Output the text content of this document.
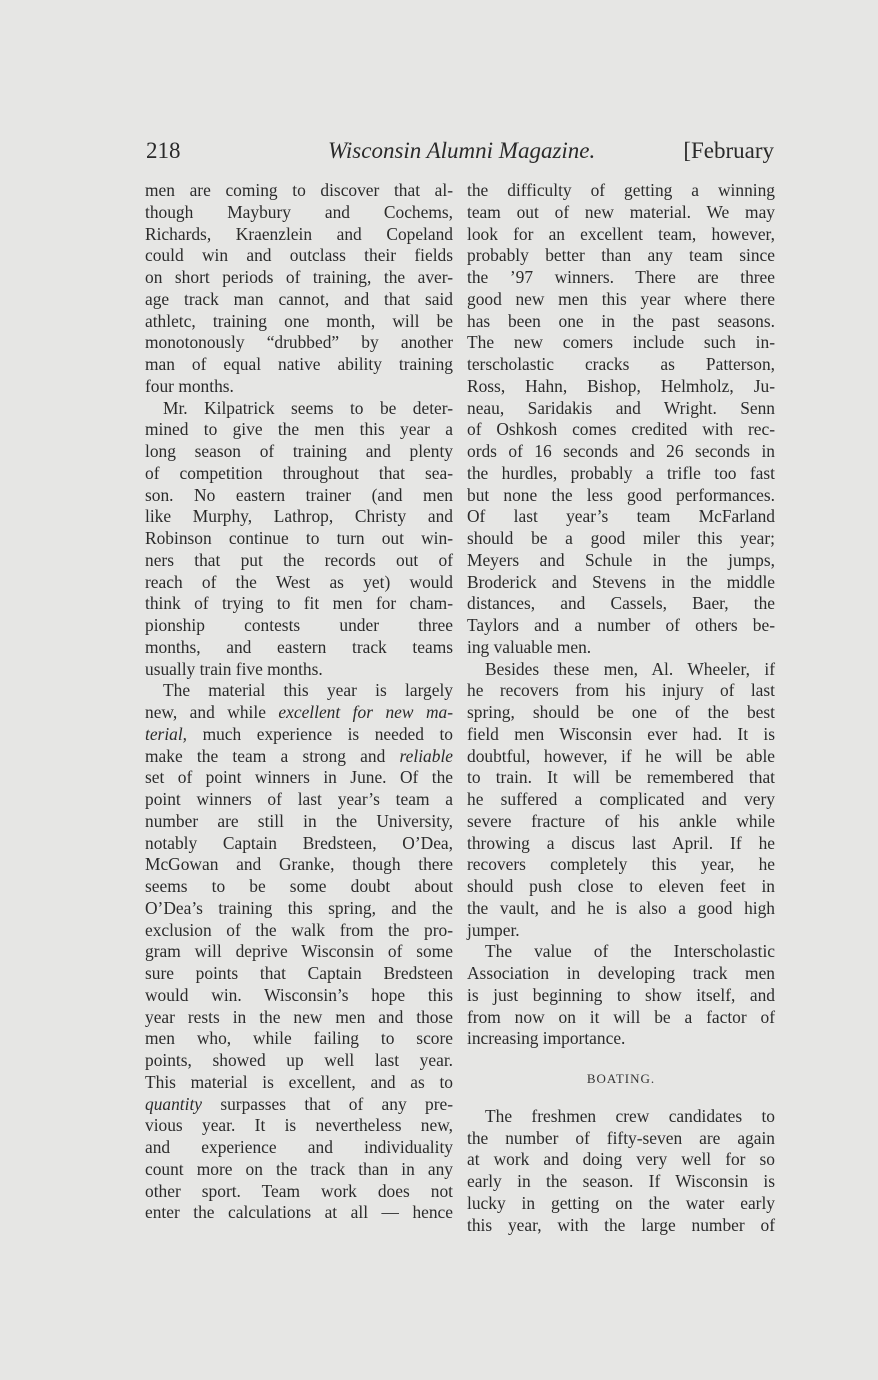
218	Wisconsin Alumni Magazine.	[February

men are coming to discover that al-
though Maybury and Cochems,
Richards, Kraenzlein and Copeland
could win and outclass their fields
on short periods of training, the aver-
age track man cannot, and that said
athletc, training one month, will be
monotonously “drubbed” by another
man of equal native ability training
four months.

Mr. Kilpatrick seems to be deter-
mined to give the men this year a
long season of training and plenty
of competition throughout that sea-
son. No eastern trainer (and men
like Murphy, Lathrop, Christy and
Robinson continue to turn out win-
ners that put the records out of
reach of the West as yet) would
think of trying to fit men for cham-
pionship contests under three
months, and eastern track teams
usually train five months.

The material this year is largely
new, and while excellent for new ma-
terial, much experience is needed to
make the team a strong and reliable
set of point winners in June. Of the
point winners of last year’s team a
number are still in the University,
notably Captain Bredsteen, O’Dea,
McGowan and Granke, though there
seems to be some doubt about
O’Dea’s training this spring, and the
exclusion of the walk from the pro-
gram will deprive Wisconsin of some
sure points that Captain Bredsteen
would win. Wisconsin’s hope this
year rests in the new men and those
men who, while failing to score
points, showed up well last year.
This material is excellent, and as to
quantity surpasses that of any pre-
vious year. It is nevertheless new,
and experience and individuality
count more on the track than in any
other sport. Team work does not
enter the calculations at all — hence

the difficulty of getting a winning
team out of new material. We may
look for an excellent team, however,
probably better than any team since
the ’97 winners. There are three
good new men this year where there
has been one in the past seasons.
The new comers include such in-
terscholastic cracks as Patterson,
Ross, Hahn, Bishop, Helmholz, Ju-
neau, Saridakis and Wright. Senn
of Oshkosh comes credited with rec-
ords of 16 seconds and 26 seconds in
the hurdles, probably a trifle too fast
but none the less good performances.
Of last year’s team McFarland
should be a good miler this year;
Meyers and Schule in the jumps,
Broderick and Stevens in the middle
distances, and Cassels, Baer, the
Taylors and a number of others be-
ing valuable men.

Besides these men, Al. Wheeler, if
he recovers from his injury of last
spring, should be one of the best
field men Wisconsin ever had. It is
doubtful, however, if he will be able
to train. It will be remembered that
he suffered a complicated and very
severe fracture of his ankle while
throwing a discus last April. If he
recovers completely this year, he
should push close to eleven feet in
the vault, and he is also a good high
jumper.

The value of the Interscholastic
Association in developing track men
is just beginning to show itself, and
from now on it will be a factor of
increasing importance.

BOATING.

The freshmen crew candidates to
the number of fifty-seven are again
at work and doing very well for so
early in the season. If Wisconsin is
lucky in getting on the water early
this year, with the large number of
